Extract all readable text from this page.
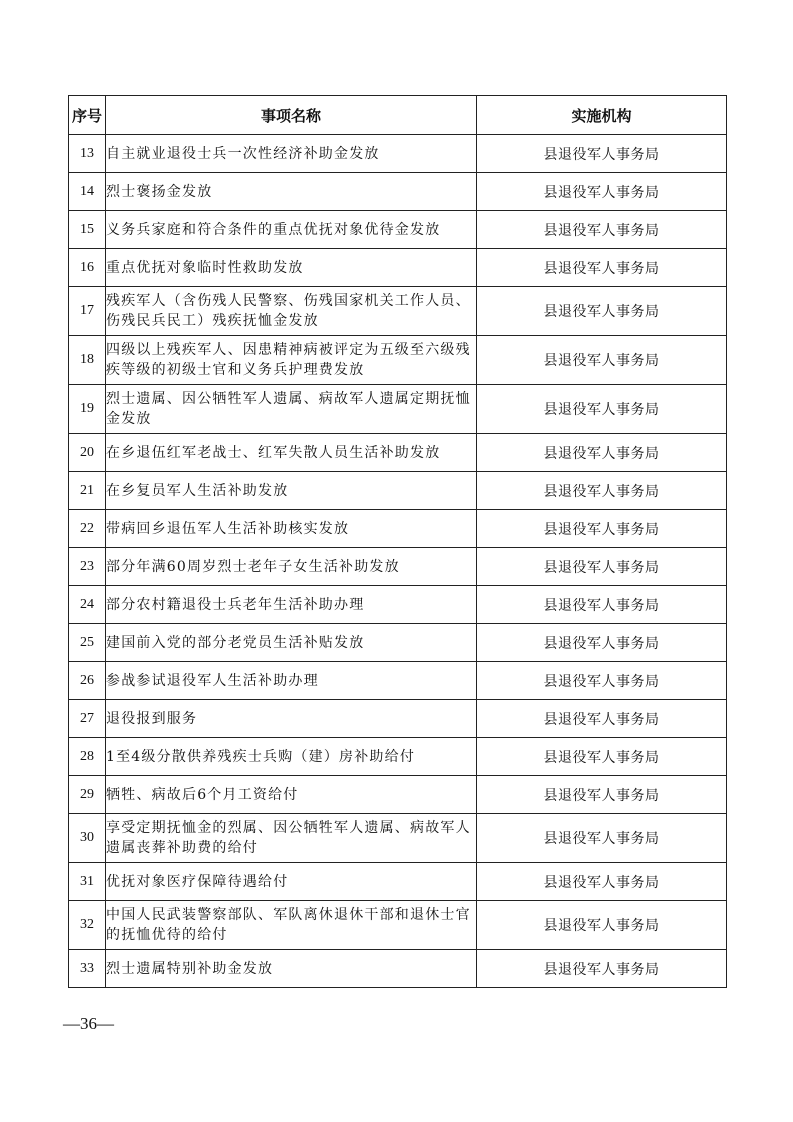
序号	事项名称	实施机构
13	自主就业退役士兵一次性经济补助金发放	县退役军人事务局
14	烈士褒扬金发放	县退役军人事务局
15	义务兵家庭和符合条件的重点优抚对象优待金发放	县退役军人事务局
16	重点优抚对象临时性救助发放	县退役军人事务局
17	残疾军人（含伤残人民警察、伤残国家机关工作人员、伤残民兵民工）残疾抚恤金发放	县退役军人事务局
18	四级以上残疾军人、因患精神病被评定为五级至六级残疾等级的初级士官和义务兵护理费发放	县退役军人事务局
19	烈士遗属、因公牺牲军人遗属、病故军人遗属定期抚恤金发放	县退役军人事务局
20	在乡退伍红军老战士、红军失散人员生活补助发放	县退役军人事务局
21	在乡复员军人生活补助发放	县退役军人事务局
22	带病回乡退伍军人生活补助核实发放	县退役军人事务局
23	部分年满60周岁烈士老年子女生活补助发放	县退役军人事务局
24	部分农村籍退役士兵老年生活补助办理	县退役军人事务局
25	建国前入党的部分老党员生活补贴发放	县退役军人事务局
26	参战参试退役军人生活补助办理	县退役军人事务局
27	退役报到服务	县退役军人事务局
28	1至4级分散供养残疾士兵购（建）房补助给付	县退役军人事务局
29	牺牲、病故后6个月工资给付	县退役军人事务局
30	享受定期抚恤金的烈属、因公牺牲军人遗属、病故军人遗属丧葬补助费的给付	县退役军人事务局
31	优抚对象医疗保障待遇给付	县退役军人事务局
32	中国人民武装警察部队、军队离休退休干部和退休士官的抚恤优待的给付	县退役军人事务局
33	烈士遗属特别补助金发放	县退役军人事务局
—36—
